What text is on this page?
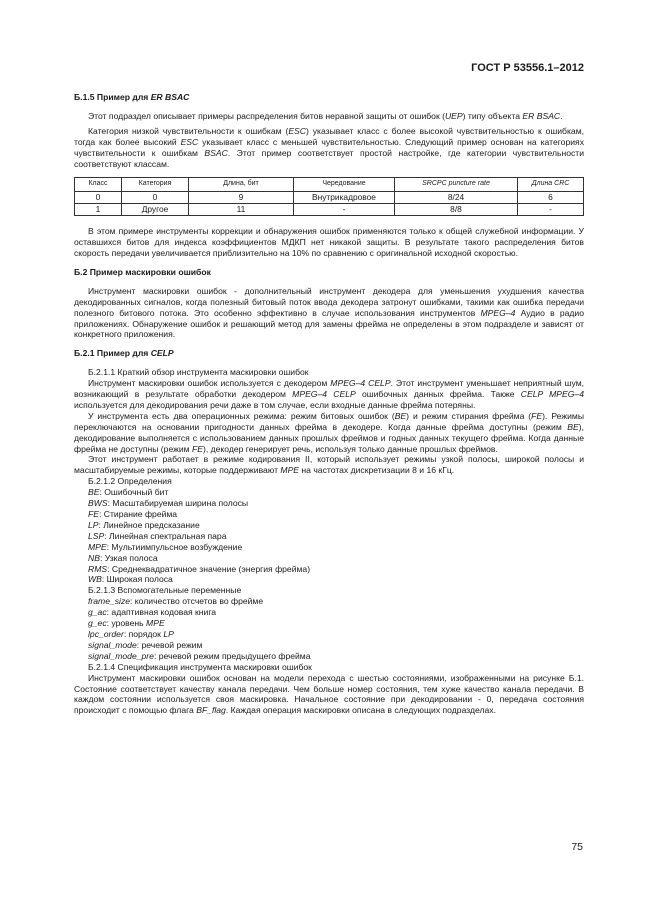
ГОСТ Р 53556.1–2012

Б.1.5 Пример для ER BSAC

Этот подраздел описывает примеры распределения битов неравной защиты от ошибок (UEP) типу объекта ER BSAC.

Категория низкой чувствительности к ошибкам (ESC) указывает класс с более высокой чувствительностью к ошибкам, тогда как более высокий ESC указывает класс с меньшей чувствительностью. Следующий пример основан на категориях чувствительности к ошибкам BSAC. Этот пример соответствует простой настройке, где категории чувствительности соответствуют классам.

Класс	Категория	Длина, бит	Чередование	SRCPC puncture rate	Длина CRC
0	0	9	Внутрикадровое	8/24	6
1	Другое	11	-	8/8	-

В этом примере инструменты коррекции и обнаружения ошибок применяются только к общей служебной информации. У оставшихся битов для индекса коэффициентов МДКП нет никакой защиты. В результате такого распределения битов скорость передачи увеличивается приблизительно на 10% по сравнению с оригинальной исходной скоростью.

Б.2 Пример маскировки ошибок

Инструмент маскировки ошибок - дополнительный инструмент декодера для уменьшения ухудшения качества декодированных сигналов, когда полезный битовый поток ввода декодера затронут ошибками, такими как ошибка передачи полезного битового потока. Это особенно эффективно в случае использования инструментов MPEG–4 Аудио в радио приложениях. Обнаружение ошибок и решающий метод для замены фрейма не определены в этом подразделе и зависят от конкретного приложения.

Б.2.1 Пример для CELP

Б.2.1.1 Краткий обзор инструмента маскировки ошибок

Инструмент маскировки ошибок используется с декодером MPEG–4 CELP. Этот инструмент уменьшает неприятный шум, возникающий в результате обработки декодером MPEG–4 CELP ошибочных данных фрейма. Также CELP MPEG–4 используется для декодирования речи даже в том случае, если входные данные фрейма потеряны.

У инструмента есть два операционных режима: режим битовых ошибок (BE) и режим стирания фрейма (FE). Режимы переключаются на основании пригодности данных фрейма в декодере. Когда данные фрейма доступны (режим BE), декодирование выполняется с использованием данных прошлых фреймов и годных данных текущего фрейма. Когда данные фрейма не доступны (режим FE), декодер генерирует речь, используя только данные прошлых фреймов.

Этот инструмент работает в режиме кодирования II, который использует режимы узкой полосы, широкой полосы и масштабируемые режимы, которые поддерживают MPE на частотах дискретизации 8 и 16 кГц.

Б.2.1.2 Определения

BE: Ошибочный бит

BWS: Масштабируемая ширина полосы

FE: Стирание фрейма

LP: Линейное предсказание

LSP: Линейная спектральная пара

MPE: Мультиимпульсное возбуждение

NB: Узкая полоса

RMS: Среднеквадратичное значение (энергия фрейма)

WB: Широкая полоса

Б.2.1.3 Вспомогательные переменные

frame_size: количество отсчетов во фрейме

g_ac: адаптивная кодовая книга

g_ec: уровень MPE

lpc_order: порядок LP

signal_mode: речевой режим

signal_mode_pre: речевой режим предыдущего фрейма

Б.2.1.4 Спецификация инструмента маскировки ошибок

Инструмент маскировки ошибок основан на модели перехода с шестью состояниями, изображенными на рисунке Б.1. Состояние соответствует качеству канала передачи. Чем больше номер состояния, тем хуже качество канала передачи. В каждом состоянии используется своя маскировка. Начальное состояние при декодировании - 0, передача состояния происходит с помощью флага BF_flag. Каждая операция маскировки описана в следующих подразделах.

75
